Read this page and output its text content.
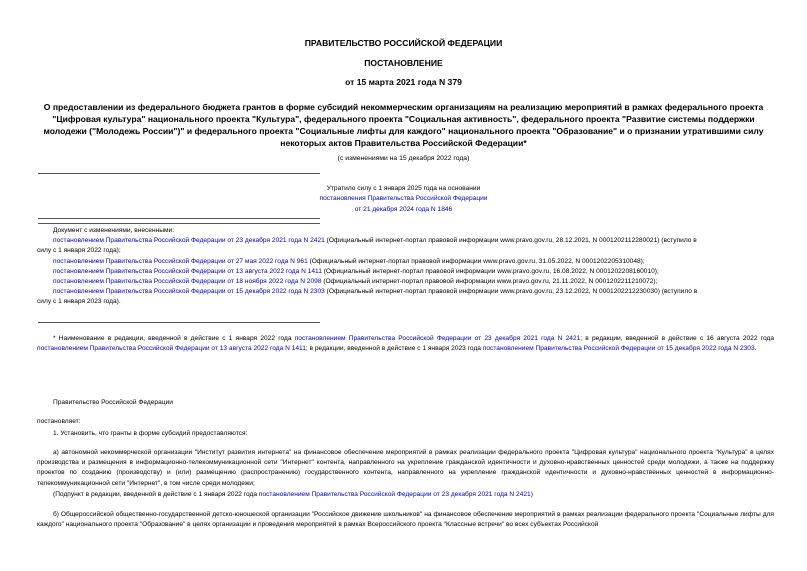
ПРАВИТЕЛЬСТВО РОССИЙСКОЙ ФЕДЕРАЦИИ
ПОСТАНОВЛЕНИЕ
от 15 марта 2021 года N 379
О предоставлении из федерального бюджета грантов в форме субсидий некоммерческим организациям на реализацию мероприятий в рамках федерального проекта "Цифровая культура" национального проекта "Культура", федерального проекта "Социальная активность", федерального проекта "Развитие системы поддержки молодежи ("Молодежь России")" и федерального проекта "Социальные лифты для каждого" национального проекта "Образование" и о признании утратившими силу некоторых актов Правительства Российской Федерации*
(с изменениями на 15 декабря 2022 года)
Утратило силу с 1 января 2025 года на основании
постановления Правительства Российской Федерации
от 21 декабря 2024 года N 1846
Документ с изменениями, внесенными:
постановлением Правительства Российской Федерации от 23 декабря 2021 года N 2421 (Официальный интернет-портал правовой информации www.pravo.gov.ru, 28.12.2021, N 0001202112280021) (вступило в
силу с 1 января 2022 года);
постановлением Правительства Российской Федерации от 27 мая 2022 года N 961 (Официальный интернет-портал правовой информации www.pravo.gov.ru, 31.05.2022, N 0001202205310048);
постановлением Правительства Российской Федерации от 13 августа 2022 года N 1411 (Официальный интернет-портал правовой информации www.pravo.gov.ru, 16.08.2022, N 0001202208160010);
постановлением Правительства Российской Федерации от 18 ноября 2022 года N 2098 (Официальный интернет-портал правовой информации www.pravo.gov.ru, 21.11.2022, N 0001202211210072);
постановлением Правительства Российской Федерации от 15 декабря 2022 года N 2303 (Официальный интернет-портал правовой информации www.pravo.gov.ru, 23.12.2022, N 0001202212230030) (вступило в
силу с 1 января 2023 года).
* Наименование в редакции, введенной в действие с 1 января 2022 года постановлением Правительства Российской Федерации от 23 декабря 2021 года N 2421; в редакции, введенной в действие с 16 августа 2022 года постановлением Правительства Российской Федерации от 13 августа 2022 года N 1411; в редакции, введенной в действие с 1 января 2023 года постановлением Правительства Российской Федерации от 15 декабря 2022 года N 2303.
Правительство Российской Федерации
постановляет:
1. Установить, что гранты в форме субсидий предоставляются:
а) автономной некоммерческой организации "Институт развития интернета" на финансовое обеспечение мероприятий в рамках реализации федерального проекта "Цифровая культура" национального проекта "Культура" в целях производства и размещения в информационно-телекоммуникационной сети "Интернет" контента, направленного на укрепление гражданской идентичности и духовно-нравственных ценностей среди молодежи, а также на поддержку проектов по созданию (производству) и (или) размещению (распространению) государственного контента, направленного на укрепление гражданской идентичности и духовно-нравственных ценностей в информационно-телекоммуникационной сети "Интернет", в том числе среди молодежи;
(Подпункт в редакции, введенной в действие с 1 января 2022 года постановлением Правительства Российской Федерации от 23 декабря 2021 года N 2421)
б) Общероссийской общественно-государственной детско-юношеской организации "Российское движение школьников" на финансовое обеспечение мероприятий в рамках реализации федерального проекта "Социальные лифты для каждого" национального проекта "Образование" в целях организации и проведения мероприятий в рамках Всероссийского проекта "Классные встречи" во всех субъектах Российской
